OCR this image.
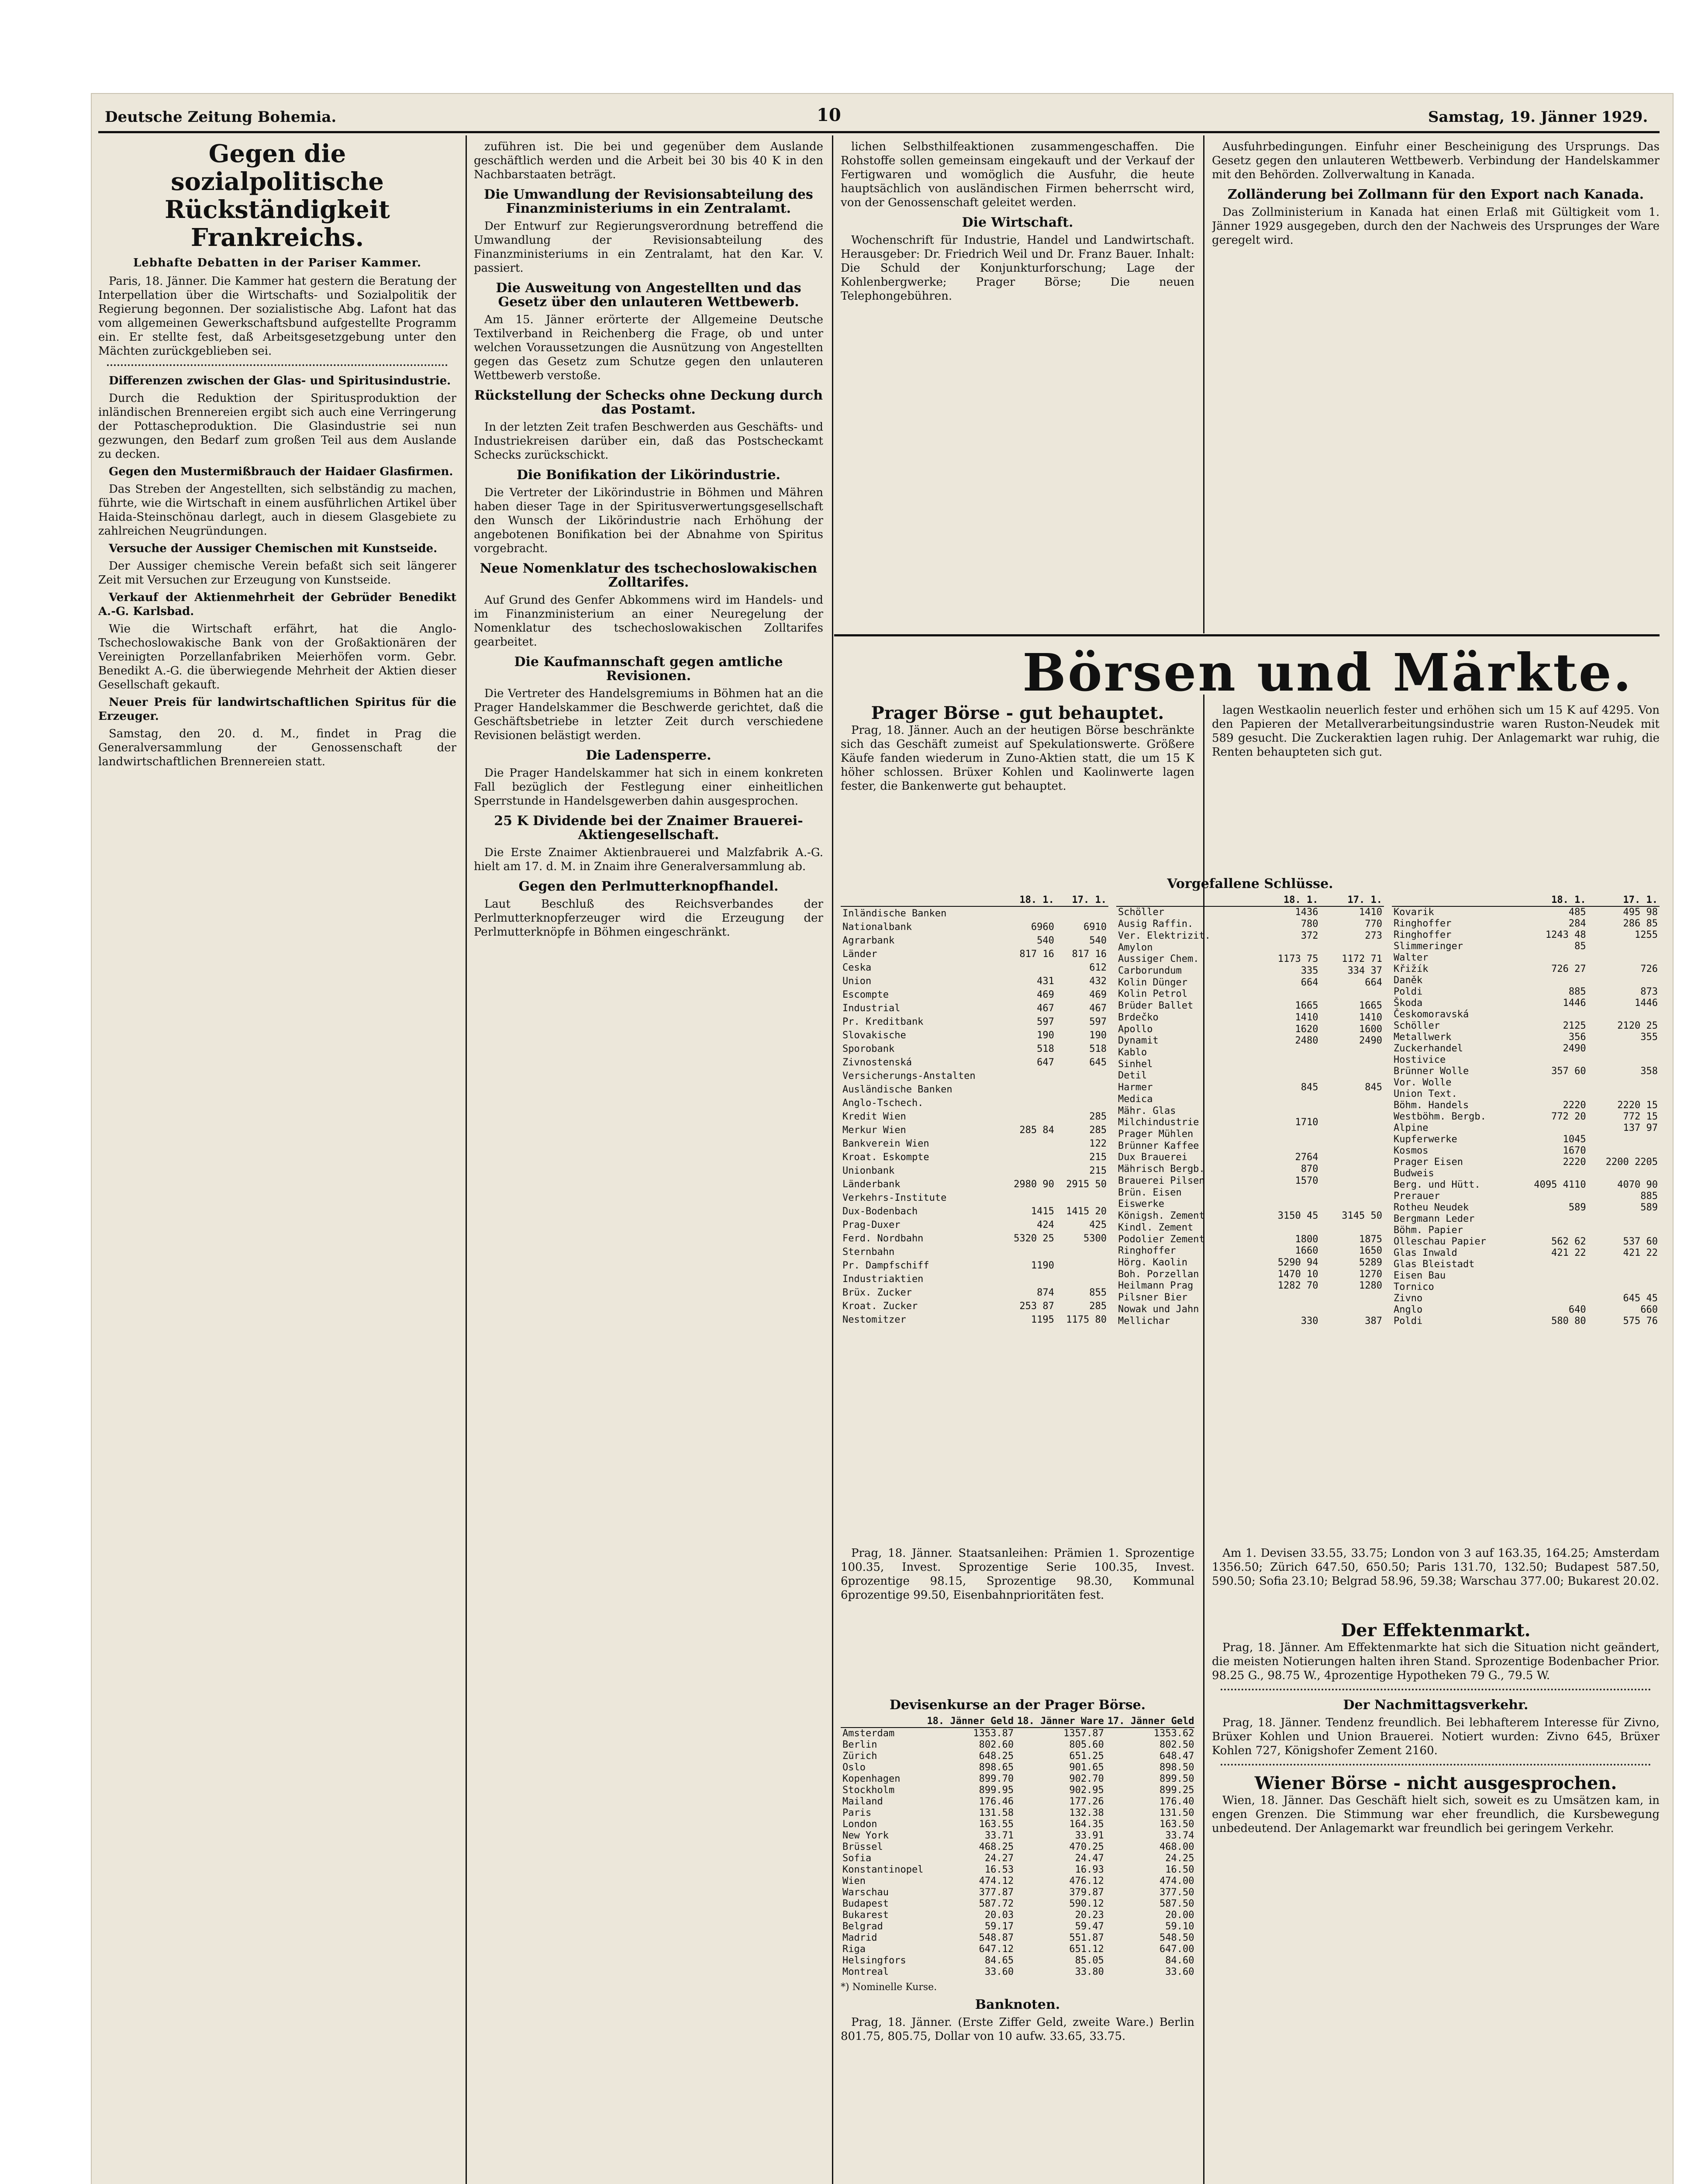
Deutsche Zeitung Bohemia.	10	Samstag, 19. Jänner 1929.
Gegen die sozialpolitische Rückständigkeit Frankreichs.
Lebhafte Debatten in der Pariser Kammer.

Paris, 18. Jänner. Die Kammer hat gestern die Beratung der Interpellation über die Wirtschafts- und Sozialpolitik der Regierung begonnen. Der sozialistische Abg. Lafont hat das vom allgemeinen Gewerkschaftsbund aufgestellte Programm ein. Er stellte fest, daß Arbeitsgesetzgebung unter den Mächten zurückgeblieben sei.

Differenzen zwischen der Glas- und Spiritusindustrie.

Durch die Reduktion der Spiritusproduktion der inländischen Brennereien ergibt sich auch eine Verringerung der Pottascheproduktion. Die Glasindustrie sei nun gezwungen, den Bedarf zum großen Teil aus dem Auslande zu decken.

Gegen den Mustermißbrauch der Haidaer Glasfirmen.

Das Streben der Angestellten, sich selbständig zu machen, führte, wie die Wirtschaft in einem ausführlichen Artikel über Haida-Steinschönau darlegt, auch in diesem Glasgebiete zu zahlreichen Neugründungen.

Versuche der Aussiger Chemischen mit Kunstseide.

Der Aussiger chemische Verein befaßt sich seit längerer Zeit mit Versuchen zur Erzeugung von Kunstseide.

Verkauf der Aktienmehrheit der Gebrüder Benedikt A.-G. Karlsbad.

Wie die Wirtschaft erfährt, hat die Anglo-Tschechoslowakische Bank von der Großaktionären der Vereinigten Porzellanfabriken Meierhöfen vorm. Gebr. Benedikt A.-G. die überwiegende Mehrheit der Aktien dieser Gesellschaft gekauft.

Neuer Preis für landwirtschaftlichen Spiritus für die Erzeuger.

Samstag, den 20. d. M., findet in Prag die Generalversammlung der Genossenschaft der landwirtschaftlichen Brennereien statt.

zuführen ist. Die bei und gegenüber dem Auslande geschäftlich werden und die Arbeit bei 30 bis 40 K in den Nachbarstaaten beträgt.

Die Umwandlung der Revisionsabteilung des Finanzministeriums in ein Zentralamt.

Der Entwurf zur Regierungsverordnung betreffend die Umwandlung der Revisionsabteilung des Finanzministeriums in ein Zentralamt, hat den Kar. V. passiert.

Die Ausweitung von Angestellten und das Gesetz über den unlauteren Wettbewerb.

Am 15. Jänner erörterte der Allgemeine Deutsche Textilverband in Reichenberg die Frage, ob und unter welchen Voraussetzungen die Ausnützung von Angestellten gegen das Gesetz zum Schutze gegen den unlauteren Wettbewerb verstoße.

Rückstellung der Schecks ohne Deckung durch das Postamt.

In der letzten Zeit trafen Beschwerden aus Geschäfts- und Industriekreisen darüber ein, daß das Postscheckamt Schecks zurückschickt.

Die Bonifikation der Likörindustrie.

Die Vertreter der Likörindustrie in Böhmen und Mähren haben dieser Tage in der Spiritusverwertungsgesellschaft den Wunsch der Likörindustrie nach Erhöhung der angebotenen Bonifikation bei der Abnahme von Spiritus vorgebracht.

Neue Nomenklatur des tschechoslowakischen Zolltarifes.

Auf Grund des Genfer Abkommens wird im Handels- und im Finanzministerium an einer Neuregelung der Nomenklatur des tschechoslowakischen Zolltarifes gearbeitet.

Die Kaufmannschaft gegen amtliche Revisionen.

Die Vertreter des Handelsgremiums in Böhmen hat an die Prager Handelskammer die Beschwerde gerichtet, daß die Geschäftsbetriebe in letzter Zeit durch verschiedene Revisionen belästigt werden.

Die Ladensperre.

Die Prager Handelskammer hat sich in einem konkreten Fall bezüglich der Festlegung einer einheitlichen Sperrstunde in Handelsgewerben dahin ausgesprochen.

25 K Dividende bei der Znaimer Brauerei-Aktiengesellschaft.

Die Erste Znaimer Aktienbrauerei und Malzfabrik A.-G. hielt am 17. d. M. in Znaim ihre Generalversammlung ab.

Gegen den Perlmutterknopfhandel.

Laut Beschluß des Reichsverbandes der Perlmutterknopferzeuger wird die Erzeugung der Perlmutterknöpfe in Böhmen eingeschränkt.

lichen Selbsthilfeaktionen zusammengeschaffen. Die Rohstoffe sollen gemeinsam eingekauft und der Verkauf der Fertigwaren und womöglich die Ausfuhr, die heute hauptsächlich von ausländischen Firmen beherrscht wird, von der Genossenschaft geleitet werden.

Die Wirtschaft.

Wochenschrift für Industrie, Handel und Landwirtschaft. Herausgeber: Dr. Friedrich Weil und Dr. Franz Bauer. Inhalt: Die Schuld der Konjunkturforschung; Lage der Kohlenbergwerke; Prager Börse; Die neuen Telephongebühren.

Ausfuhrbedingungen. Einfuhr einer Bescheinigung des Ursprungs. Das Gesetz gegen den unlauteren Wettbewerb. Verbindung der Handelskammer mit den Behörden. Zollverwaltung in Kanada.

Zolländerung bei Zollmann für den Export nach Kanada.

Das Zollministerium in Kanada hat einen Erlaß mit Gültigkeit vom 1. Jänner 1929 ausgegeben, durch den der Nachweis des Ursprunges der Ware geregelt wird.

Börsen und Märkte.
Prager Börse - gut behauptet.

Prag, 18. Jänner. Auch an der heutigen Börse beschränkte sich das Geschäft zumeist auf Spekulationswerte. Größere Käufe fanden wiederum in Zuno-Aktien statt, die um 15 K höher schlossen. Brüxer Kohlen und Kaolinwerte lagen fester, die Bankenwerte gut behauptet.

lagen Westkaolin neuerlich fester und erhöhen sich um 15 K auf 4295. Von den Papieren der Metallverarbeitungsindustrie waren Ruston-Neudek mit 589 gesucht. Die Zuckeraktien lagen ruhig. Der Anlagemarkt war ruhig, die Renten behaupteten sich gut.

Vorgefallene Schlüsse.
	18. 1.	17. 1.
Inländische Banken		
Nationalbank	6960	6910
Agrarbank	540	540
Länder	817 16	817 16
Ceska		612
Union	431	432
Escompte	469	469
Industrial	467	467
Pr. Kreditbank	597	597
Slovakische	190	190
Sporobank	518	518
Zivnostenská	647	645
Versicherungs-Anstalten		
Ausländische Banken		
Anglo-Tschech.		
Kredit Wien		285
Merkur Wien	285 84	285
Bankverein Wien		122
Kroat. Eskompte		215
Unionbank		215
Länderbank	2980 90	2915 50
Verkehrs-Institute		
Dux-Bodenbach	1415	1415 20
Prag-Duxer	424	425
Ferd. Nordbahn	5320 25	5300
Sternbahn		
Pr. Dampfschiff	1190	
Industriaktien		
Brüx. Zucker	874	855
Kroat. Zucker	253 87	285
Nestomitzer	1195	1175 80
	18. 1.	17. 1.
Schöller	1436	1410
Ausig Raffin.	780	770
Ver. Elektrizit.	372	273
Amylon		
Aussiger Chem.	1173 75	1172 71
Carborundum	335	334 37
Kolin Dünger	664	664
Kolin Petrol		
Brüder Ballet	1665	1665
Brdečko	1410	1410
Apollo	1620	1600
Dynamit	2480	2490
Kablo		
Sinhel		
Detil		
Harmer	845	845
Medica		
Mähr. Glas		
Milchindustrie	1710	
Prager Mühlen		
Brünner Kaffee		
Dux Brauerei	2764	
Mährisch Bergb.	870	
Brauerei Pilsen	1570	
Brün. Eisen		
Eiswerke		
Königsh. Zement	3150 45	3145 50
Kindl. Zement		
Podolier Zement	1800	1875
Ringhoffer	1660	1650
Hörg. Kaolin	5290 94	5289
Boh. Porzellan	1470 10	1270
Heilmann Prag	1282 70	1280
Pilsner Bier		
Nowak und Jahn		
Mellichar	330	387
	18. 1.	17. 1.
Kovarik	485	495 98
Ringhoffer	284	286 85
Ringhoffer	1243 48	1255
Slimmeringer	85	
Walter		
Křižík	726 27	726
Daněk		
Poldi	885	873
Škoda	1446	1446
Českomoravská		
Schöller	2125	2120 25
Metallwerk	356	355
Zuckerhandel	2490	
Hostivice		
Brünner Wolle	357 60	358
Vor. Wolle		
Union Text.		
Böhm. Handels	2220	2220 15
Westböhm. Bergb.	772 20	772 15
Alpine		137 97
Kupferwerke	1045	
Kosmos	1670	
Prager Eisen	2220	2200 2205
Budweis		
Berg. und Hütt.	4095 4110	4070 90
Prerauer		885
Rotheu Neudek	589	589
Bergmann Leder		
Böhm. Papier		
Olleschau Papier	562 62	537 60
Glas Inwald	421 22	421 22
Glas Bleistadt		
Eisen Bau		
Tornico		
Zivno		645 45
Anglo	640	660
Poldi	580 80	575 76

Prag, 18. Jänner. Staatsanleihen: Prämien 1. Sprozentige 100.35, Invest. Sprozentige Serie 100.35, Invest. 6prozentige 98.15, Sprozentige 98.30, Kommunal 6prozentige 99.50, Eisenbahnprioritäten fest.

Am 1. Devisen 33.55, 33.75; London von 3 auf 163.35, 164.25; Amsterdam 1356.50; Zürich 647.50, 650.50; Paris 131.70, 132.50; Budapest 587.50, 590.50; Sofia 23.10; Belgrad 58.96, 59.38; Warschau 377.00; Bukarest 20.02.

Devisenkurse an der Prager Börse.
	18. Jänner Geld	18. Jänner Ware	17. Jänner Geld	
Amsterdam	1353.87	1357.87	1353.62	
Berlin	802.60	805.60	802.50	
Zürich	648.25	651.25	648.47	
Oslo	898.65	901.65	898.50	
Kopenhagen	899.70	902.70	899.50	
Stockholm	899.95	902.95	899.25	
Mailand	176.46	177.26	176.40	
Paris	131.58	132.38	131.50	
London	163.55	164.35	163.50	
New York	33.71	33.91	33.74	
Brüssel	468.25	470.25	468.00	
Sofia	24.27	24.47	24.25	
Konstantinopel	16.53	16.93	16.50	
Wien	474.12	476.12	474.00	
Warschau	377.87	379.87	377.50	
Budapest	587.72	590.12	587.50	
Bukarest	20.03	20.23	20.00	
Belgrad	59.17	59.47	59.10	
Madrid	548.87	551.87	548.50	
Riga	647.12	651.12	647.00	
Helsingfors	84.65	85.05	84.60	
Montreal	33.60	33.80	33.60	
*) Nominelle Kurse.
Banknoten.

Prag, 18. Jänner. (Erste Ziffer Geld, zweite Ware.) Berlin 801.75, 805.75, Dollar von 10 aufw. 33.65, 33.75.

Der Effektenmarkt.

Prag, 18. Jänner. Am Effektenmarkte hat sich die Situation nicht geändert, die meisten Notierungen halten ihren Stand. Sprozentige Bodenbacher Prior. 98.25 G., 98.75 W., 4prozentige Hypotheken 79 G., 79.5 W.

Der Nachmittagsverkehr.

Prag, 18. Jänner. Tendenz freundlich. Bei lebhafterem Interesse für Zivno, Brüxer Kohlen und Union Brauerei. Notiert wurden: Zivno 645, Brüxer Kohlen 727, Königshofer Zement 2160.

Wiener Börse - nicht ausgesprochen.

Wien, 18. Jänner. Das Geschäft hielt sich, soweit es zu Umsätzen kam, in engen Grenzen. Die Stimmung war eher freundlich, die Kursbewegung unbedeutend. Der Anlagemarkt war freundlich bei geringem Verkehr.
